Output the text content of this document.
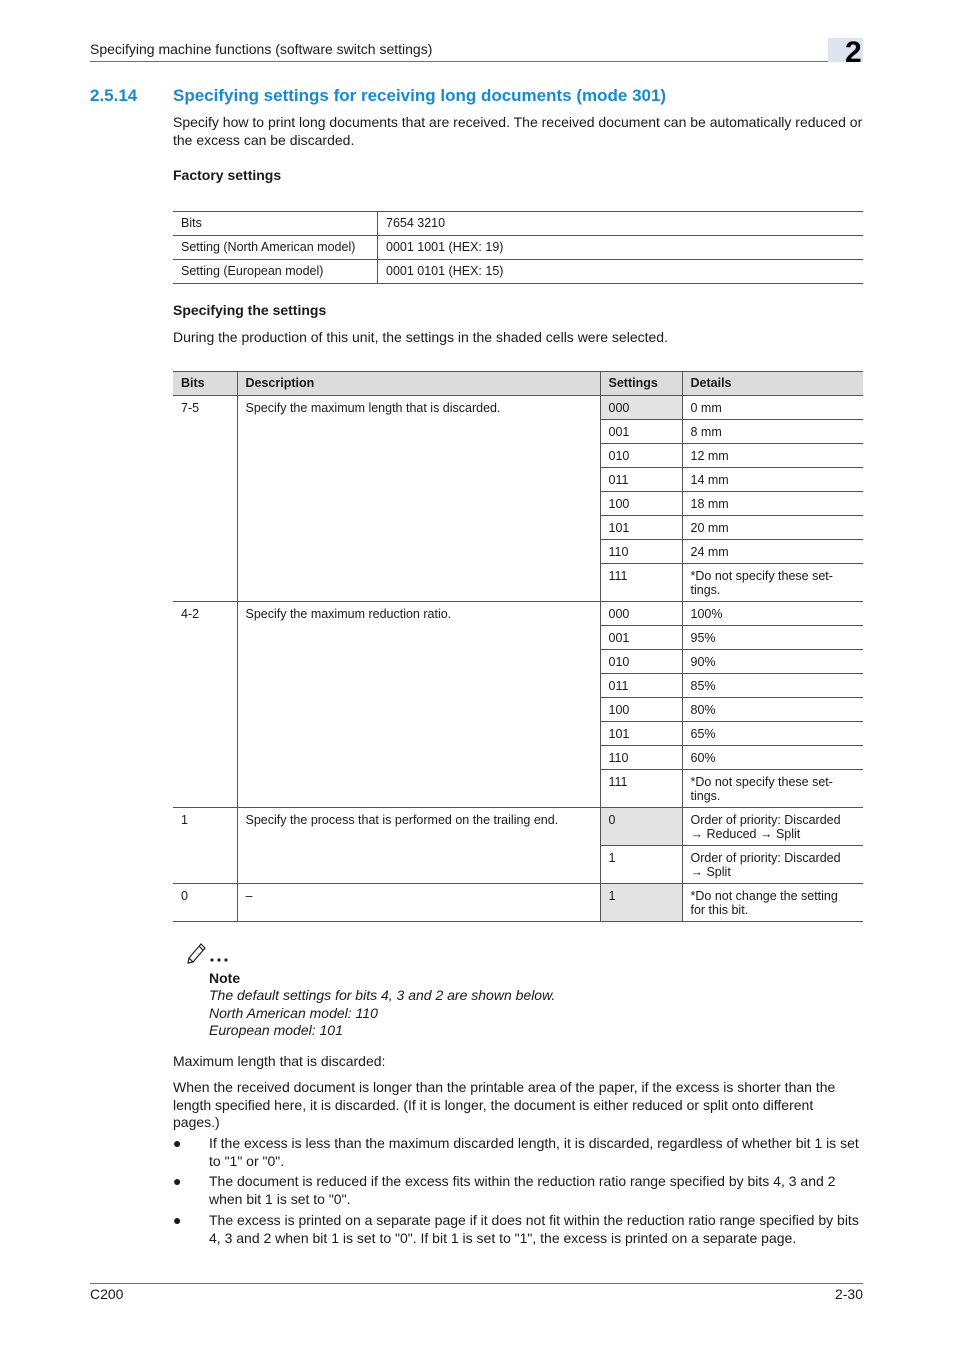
Specifying machine functions (software switch settings)	2
2.5.14 Specifying settings for receiving long documents (mode 301)
Specify how to print long documents that are received. The received document can be automatically reduced or the excess can be discarded.
Factory settings
Bits	7654 3210
Setting (North American model)	0001 1001 (HEX: 19)
Setting (European model)	0001 0101 (HEX: 15)
Specifying the settings
During the production of this unit, the settings in the shaded cells were selected.
Bits	Description	Settings	Details
7-5	Specify the maximum length that is discarded.	000	0 mm
		001	8 mm
		010	12 mm
		011	14 mm
		100	18 mm
		101	20 mm
		110	24 mm
		111	*Do not specify these set-tings.
4-2	Specify the maximum reduction ratio.	000	100%
		001	95%
		010	90%
		011	85%
		100	80%
		101	65%
		110	60%
		111	*Do not specify these set-tings.
1	Specify the process that is performed on the trailing end.	0	Order of priority: Discarded → Reduced → Split
		1	Order of priority: Discarded → Split
0	–	1	*Do not change the setting for this bit.
Note
The default settings for bits 4, 3 and 2 are shown below.
North American model: 110
European model: 101
Maximum length that is discarded:
When the received document is longer than the printable area of the paper, if the excess is shorter than the length specified here, it is discarded. (If it is longer, the document is either reduced or split onto different pages.)
● If the excess is less than the maximum discarded length, it is discarded, regardless of whether bit 1 is set to "1" or "0".
● The document is reduced if the excess fits within the reduction ratio range specified by bits 4, 3 and 2 when bit 1 is set to "0".
● The excess is printed on a separate page if it does not fit within the reduction ratio range specified by bits 4, 3 and 2 when bit 1 is set to "0". If bit 1 is set to "1", the excess is printed on a separate page.
C200	2-30
